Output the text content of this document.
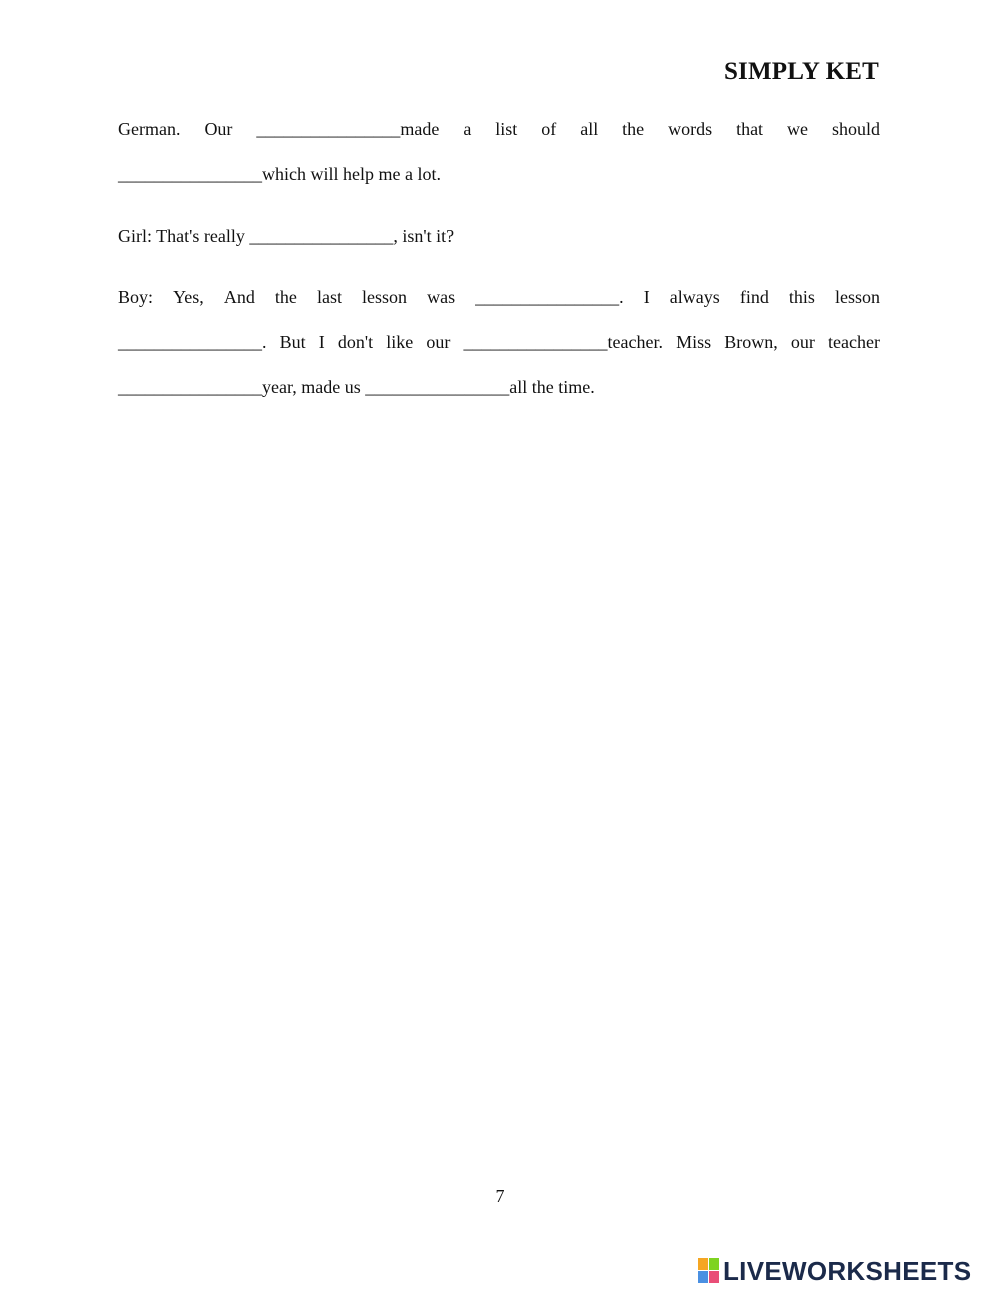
SIMPLY KET
German. Our ________________made a list of all the words that we should
________________which will help me a lot.
Girl: That's really ________________, isn't it?
Boy: Yes, And the last lesson was ________________. I always find this lesson
________________. But I don't like our ________________teacher. Miss Brown, our teacher
________________year, made us ________________all the time.
7
LIVEWORKSHEETS
